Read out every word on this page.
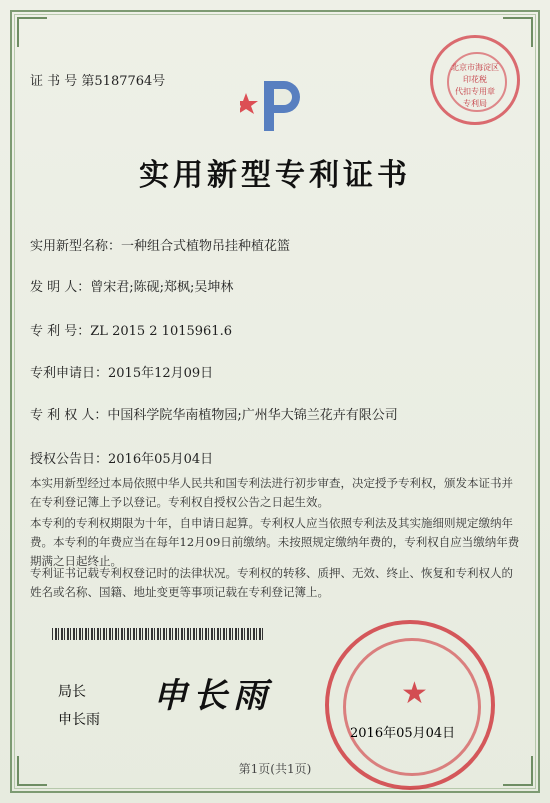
北京市海淀区
印花税
代扣专用章
专利局
证 书 号 第5187764号
实用新型专利证书
实用新型名称：一种组合式植物吊挂种植花篮
发 明 人：曾宋君;陈砚;郑枫;吴坤林
专 利 号：ZL 2015 2 1015961.6
专利申请日：2015年12月09日
专 利 权 人：中国科学院华南植物园;广州华大锦兰花卉有限公司
授权公告日：2016年05月04日
本实用新型经过本局依照中华人民共和国专利法进行初步审查，决定授予专利权，颁发本证书并在专利登记簿上予以登记。专利权自授权公告之日起生效。
本专利的专利权期限为十年，自申请日起算。专利权人应当依照专利法及其实施细则规定缴纳年费。本专利的年费应当在每年12月09日前缴纳。未按照规定缴纳年费的，专利权自应当缴纳年费期满之日起终止。
专利证书记载专利权登记时的法律状况。专利权的转移、质押、无效、终止、恢复和专利权人的姓名或名称、国籍、地址变更等事项记载在专利登记簿上。
局长
申长雨
申长雨	★
2016年05月04日
第1页(共1页)
